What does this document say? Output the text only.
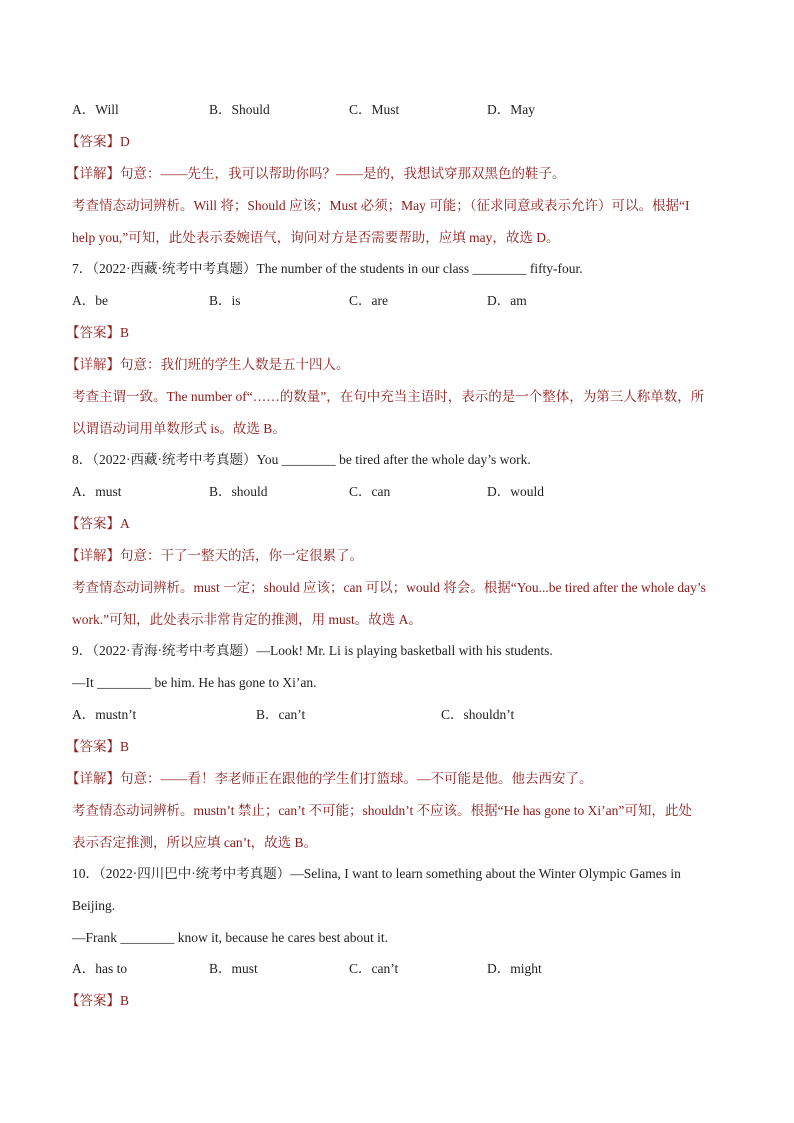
A．Will	B．Should	C．Must	D．May
【答案】D
【详解】句意：——先生，我可以帮助你吗？——是的，我想试穿那双黑色的鞋子。
考查情态动词辨析。Will 将；Should 应该；Must 必须；May 可能；（征求同意或表示允许）可以。根据“I
help you,”可知，此处表示委婉语气，询问对方是否需要帮助，应填 may，故选 D。
7．（2022·西藏·统考中考真题）The number of the students in our class ________ fifty-four.
A．be	B．is	C．are	D．am
【答案】B
【详解】句意：我们班的学生人数是五十四人。
考查主谓一致。The number of“……的数量”，在句中充当主语时，表示的是一个整体，为第三人称单数，所
以谓语动词用单数形式 is。故选 B。
8．（2022·西藏·统考中考真题）You ________ be tired after the whole day’s work.
A．must	B．should	C．can	D．would
【答案】A
【详解】句意：干了一整天的活，你一定很累了。
考查情态动词辨析。must 一定；should 应该；can 可以；would 将会。根据“You...be tired after the whole day’s
work.”可知，此处表示非常肯定的推测，用 must。故选 A。
9．（2022·青海·统考中考真题）—Look! Mr. Li is playing basketball with his students.
—It ________ be him. He has gone to Xi’an.
A．mustn’t	B．can’t	C．shouldn’t
【答案】B
【详解】句意：——看！李老师正在跟他的学生们打篮球。—不可能是他。他去西安了。
考查情态动词辨析。mustn’t 禁止；can’t 不可能；shouldn’t 不应该。根据“He has gone to Xi’an”可知，此处
表示否定推测，所以应填 can’t，故选 B。
10．（2022·四川巴中·统考中考真题）—Selina, I want to learn something about the Winter Olympic Games in
Beijing.
—Frank ________ know it, because he cares best about it.
A．has to	B．must	C．can’t	D．might
【答案】B
